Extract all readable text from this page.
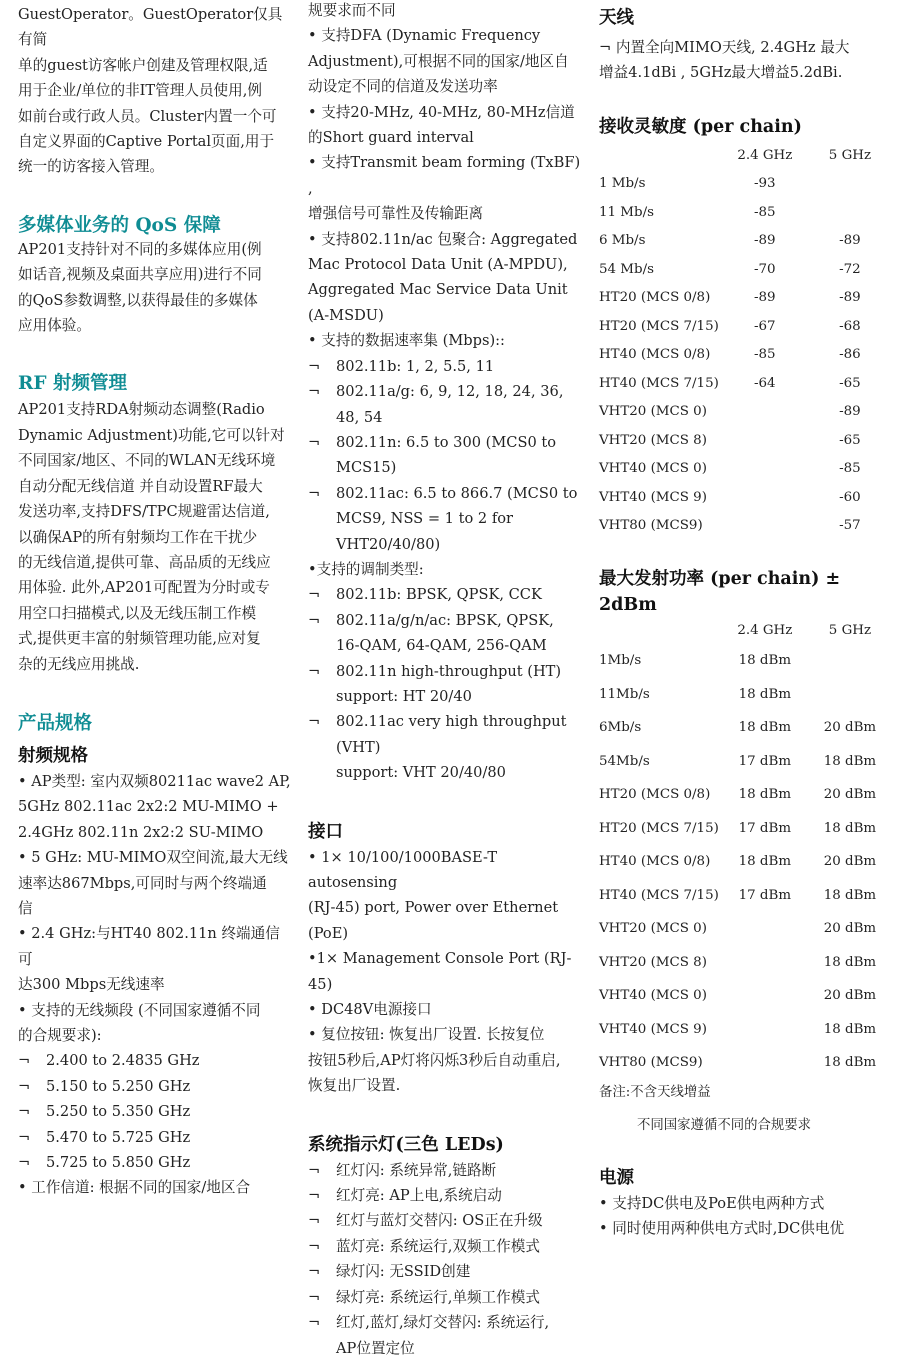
GuestOperator。GuestOperator仅具有简
单的guest访客帐户创建及管理权限,适
用于企业/单位的非IT管理人员使用,例
如前台或行政人员。Cluster内置一个可
自定义界面的Captive Portal页面,用于
统一的访客接入管理。
多媒体业务的 QoS 保障
AP201支持针对不同的多媒体应用(例
如话音,视频及桌面共享应用)进行不同
的QoS参数调整,以获得最佳的多媒体
应用体验。
RF 射频管理
AP201支持RDA射频动态调整(Radio
Dynamic Adjustment)功能,它可以针对
不同国家/地区、不同的WLAN无线环境
自动分配无线信道 并自动设置RF最大
发送功率,支持DFS/TPC规避雷达信道,
以确保AP的所有射频均工作在干扰少
的无线信道,提供可靠、高品质的无线应
用体验. 此外,AP201可配置为分时或专
用空口扫描模式,以及无线压制工作模
式,提供更丰富的射频管理功能,应对复
杂的无线应用挑战.
产品规格
射频规格
• AP类型: 室内双频80211ac wave2 AP,
5GHz 802.11ac 2x2:2 MU-MIMO +
2.4GHz 802.11n 2x2:2 SU-MIMO
• 5 GHz: MU-MIMO双空间流,最大无线
速率达867Mbps,可同时与两个终端通
信
• 2.4 GHz:与HT40 802.11n 终端通信可
达300 Mbps无线速率
• 支持的无线频段 (不同国家遵循不同
的合规要求):
¬ 2.400 to 2.4835 GHz
¬ 5.150 to 5.250 GHz
¬ 5.250 to 5.350 GHz
¬ 5.470 to 5.725 GHz
¬ 5.725 to 5.850 GHz
• 工作信道: 根据不同的国家/地区合
规要求而不同
• 支持DFA (Dynamic Frequency
Adjustment),可根据不同的国家/地区自
动设定不同的信道及发送功率
• 支持20-MHz, 40-MHz, 80-MHz信道
的Short guard interval
• 支持Transmit beam forming (TxBF) ,
增强信号可靠性及传输距离
• 支持802.11n/ac 包聚合: Aggregated
Mac Protocol Data Unit (A-MPDU),
Aggregated Mac Service Data Unit
(A-MSDU)
• 支持的数据速率集 (Mbps)::
¬ 802.11b: 1, 2, 5.5, 11
¬ 802.11a/g: 6, 9, 12, 18, 24, 36, 48, 54
¬ 802.11n: 6.5 to 300 (MCS0 to
MCS15)
¬ 802.11ac: 6.5 to 866.7 (MCS0 to
MCS9, NSS = 1 to 2 for
VHT20/40/80)
•支持的调制类型:
¬ 802.11b: BPSK, QPSK, CCK
¬ 802.11a/g/n/ac: BPSK, QPSK,
16-QAM, 64-QAM, 256-QAM
¬ 802.11n high-throughput (HT)
support: HT 20/40
¬ 802.11ac very high throughput (VHT)
support: VHT 20/40/80
接口
• 1× 10/100/1000BASE-T autosensing
(RJ-45) port, Power over Ethernet (PoE)
•1× Management Console Port (RJ-45)
• DC48V电源接口
• 复位按钮: 恢复出厂设置. 长按复位
按钮5秒后,AP灯将闪烁3秒后自动重启,
恢复出厂设置.
系统指示灯(三色 LEDs)
¬ 红灯闪: 系统异常,链路断
¬ 红灯亮: AP上电,系统启动
¬ 红灯与蓝灯交替闪: OS正在升级
¬ 蓝灯亮: 系统运行,双频工作模式
¬ 绿灯闪: 无SSID创建
¬ 绿灯亮: 系统运行,单频工作模式
¬ 红灯,蓝灯,绿灯交替闪: 系统运行,
AP位置定位
天线
¬ 内置全向MIMO天线, 2.4GHz 最大
增益4.1dBi , 5GHz最大增益5.2dBi.
接收灵敏度 (per chain)
	2.4 GHz	5 GHz
1 Mb/s	-93	
11 Mb/s	-85	
6 Mb/s	-89	-89
54 Mb/s	-70	-72
HT20 (MCS 0/8)	-89	-89
HT20 (MCS 7/15)	-67	-68
HT40 (MCS 0/8)	-85	-86
HT40 (MCS 7/15)	-64	-65
VHT20 (MCS 0)		-89
VHT20 (MCS 8)		-65
VHT40 (MCS 0)		-85
VHT40 (MCS 9)		-60
VHT80 (MCS9)		-57
最大发射功率 (per chain) ± 2dBm
	2.4 GHz	5 GHz
1Mb/s	18 dBm	
11Mb/s	18 dBm	
6Mb/s	18 dBm	20 dBm
54Mb/s	17 dBm	18 dBm
HT20 (MCS 0/8)	18 dBm	20 dBm
HT20 (MCS 7/15)	17 dBm	18 dBm
HT40 (MCS 0/8)	18 dBm	20 dBm
HT40 (MCS 7/15)	17 dBm	18 dBm
VHT20 (MCS 0)		20 dBm
VHT20 (MCS 8)		18 dBm
VHT40 (MCS 0)		20 dBm
VHT40 (MCS 9)		18 dBm
VHT80 (MCS9)		18 dBm
备注:不含天线增益
不同国家遵循不同的合规要求
电源
• 支持DC供电及PoE供电两种方式
• 同时使用两种供电方式时,DC供电优
